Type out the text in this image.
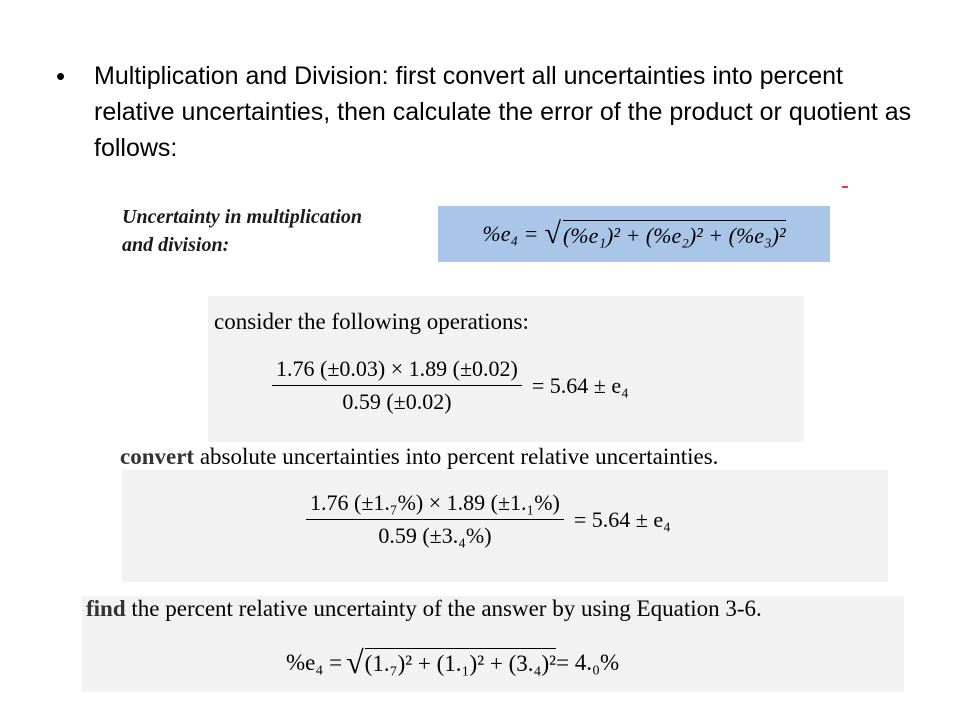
• Multiplication and Division: first convert all uncertainties into percent relative uncertainties, then calculate the error of the product or quotient as follows:
Uncertainty in multiplication
and division:	%e₄ = √ (%e₁)² + (%e₂)² + (%e₃)²
consider the following operations:
$\frac{1.76 (\pm 0.03) \times 1.89 (\pm 0.02)}{0.59 (\pm 0.02)} = 5.64 \pm e_4$
convert absolute uncertainties into percent relative uncertainties.
$\frac{\text{1.76 (±1.₇\%) × 1.89 (±1.₁\%)}}{\text{0.59 (±3.₄\%)}} = 5.64 \pm e_4$
find the percent relative uncertainty of the answer by using Equation 3-6.
%e₄ = √ (1.₇)² + (1.₁)² + (3.₄)² = 4.₀%
